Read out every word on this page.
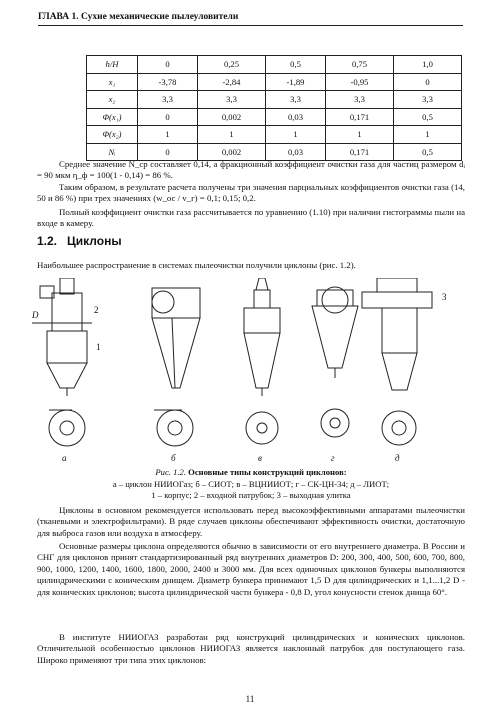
ГЛАВА 1. Сухие механические пылеуловители
h/H	0	0,25	0,5	0,75	1,0
x₁	-3,78	-2,84	-1,89	-0,95	0
x₂	3,3	3,3	3,3	3,3	3,3
Φ(x₁)	0	0,002	0,03	0,171	0,5
Φ(x₂)	1	1	1	1	1
Nᵢ	0	0,002	0,03	0,171	0,5

Среднее значение N_ср составляет 0,14, а фракционный коэффициент очистки газа для частиц размером dᵢ = 90 мкм η_ф = 100(1 - 0,14) = 86 %.

Таким образом, в результате расчета получены три значения парциальных коэффициентов очистки газа (14, 50 и 86 %) при трех значениях (w_ос / v_г) = 0,1; 0,15; 0,2.

Полный коэффициент очистки газа рассчитывается по уравнению (1.10) при наличии гистограммы пыли на входе в камеру.

1.2. Циклоны

Наибольшее распространение в системах пылеочистки получили циклоны (рис. 1.2).

D
а	б	в	г	д
1
2
3
Рис. 1.2. Основные типы конструкций циклонов:
а – циклон НИИОГаз; б – СИОТ; в – ВЦНИИОТ; г – СК-ЦН-34; д – ЛИОТ;
1 – корпус; 2 – входной патрубок; 3 – выходная улитка

Циклоны в основном рекомендуется использовать перед высокоэффективными аппаратами пылеочистки (тканевыми и электрофильтрами). В ряде случаев циклоны обеспечивают эффективность очистки, достаточную для выброса газов или воздуха в атмосферу.

Основные размеры циклона определяются обычно в зависимости от его внутреннего диаметра. В России и СНГ для циклонов принят стандартизированный ряд внутренних диаметров D: 200, 300, 400, 500, 600, 700, 800, 900, 1000, 1200, 1400, 1600, 1800, 2000, 2400 и 3000 мм. Для всех одиночных циклонов бункеры выполняются цилиндрическими с коническим днищем. Диаметр бункера принимают 1,5 D для цилиндрических и 1,1...1,2 D - для конических циклонов; высота цилиндрической части бункера - 0,8 D, угол конусности стенок днища 60°.

В институте НИИОГАЗ разработан ряд конструкций цилиндрических и конических циклонов. Отличительной особенностью циклонов НИИОГАЗ является наклонный патрубок для поступающего газа. Широко применяют три типа этих циклонов:

11
